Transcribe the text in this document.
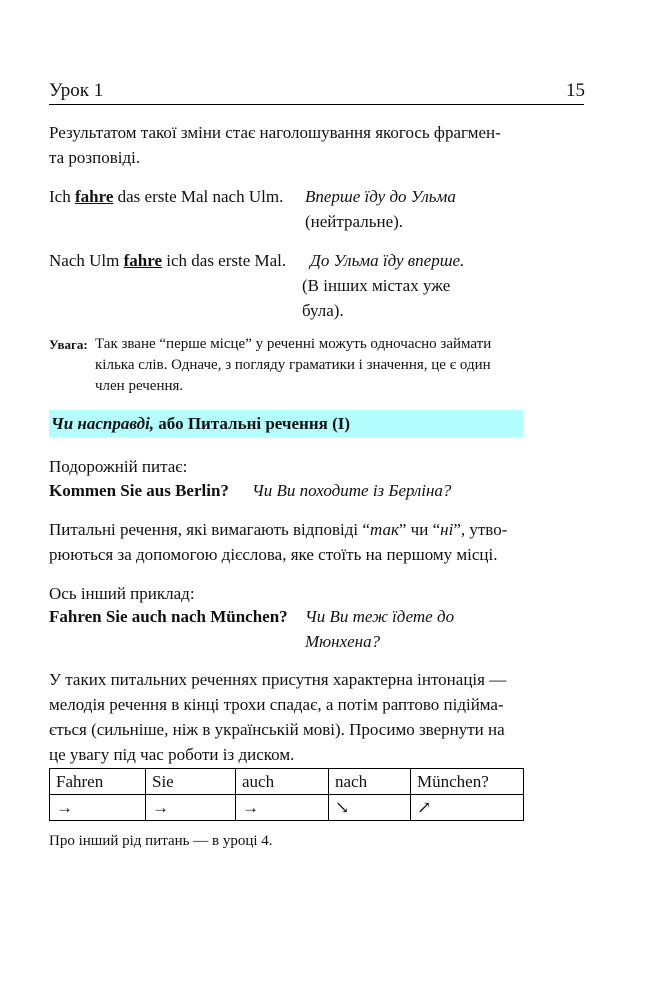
Урок 1	15
Результатом такої зміни стає наголошування якогось фрагмен-
та розповіді.
Ich fahre das erste Mal nach Ulm. Вперше їду до Ульма
(нейтральне).
Nach Ulm fahre ich das erste Mal.	До Ульма їду вперше.
(В інших містах уже
була).
Увага: Так зване “перше місце” у реченні можуть одночасно займати
кілька слів. Одначе, з погляду граматики і значення, це є один
член речення.
Чи насправді, або Питальні речення (I)
Подорожній питає:
Kommen Sie aus Berlin? Чи Ви походите із Берліна?
Питальні речення, які вимагають відповіді “так” чи “ні”, утво-
рюються за допомогою дієслова, яке стоїть на першому місці.
Ось інший приклад:
Fahren Sie auch nach München? Чи Ви теж їдете до
Мюнхена?
У таких питальних реченнях присутня характерна інтонація —
мелодія речення в кінці трохи спадає, а потім раптово підійма-
ється (сильніше, ніж в українській мові). Просимо звернути на
це увагу під час роботи із диском.
Fahren	Sie	auch	nach	München?
→	→	→	↘	↗
Про інший рід питань — в уроці 4.
